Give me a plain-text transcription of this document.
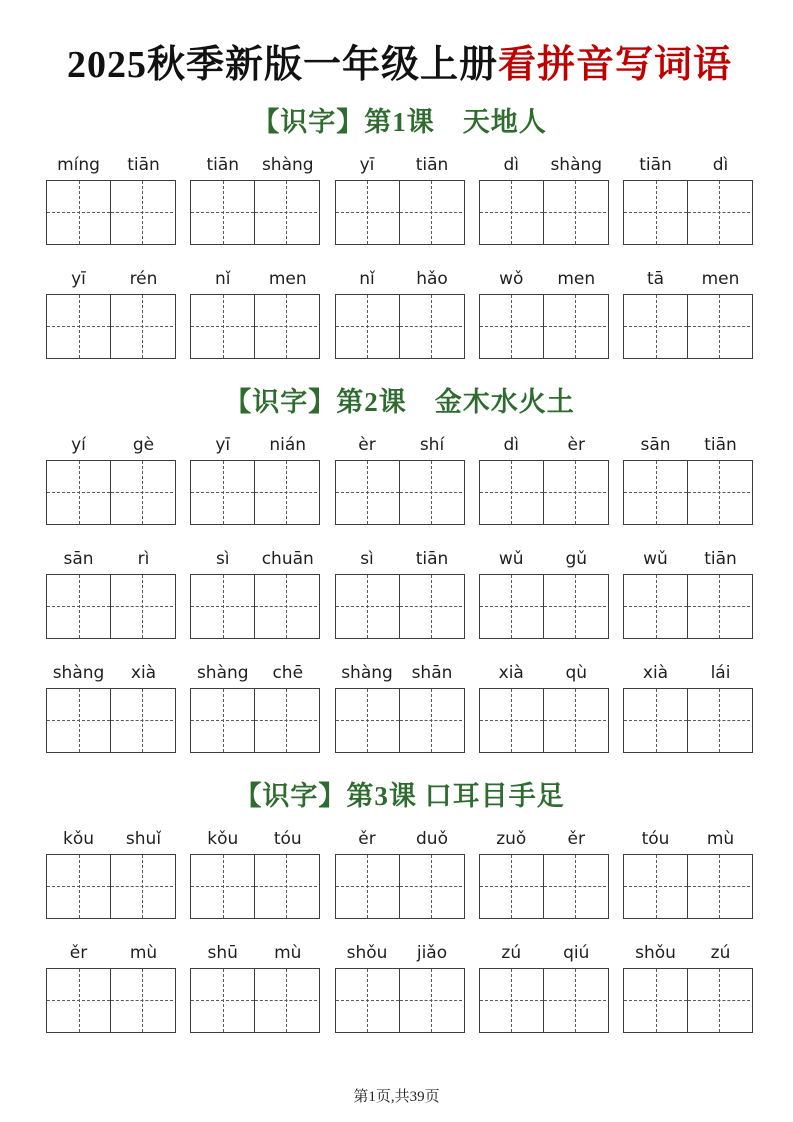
2025秋季新版一年级上册看拼音写词语
【识字】第1课　天地人
míng	tiān	tiān	shàng	yī	tiān	dì	shàng	tiān	dì
yī	rén	nǐ	men	nǐ	hǎo	wǒ	men	tā	men
【识字】第2课　金木水火土
yí	gè	yī	nián	èr	shí	dì	èr	sān	tiān
sān	rì	sì	chuān	sì	tiān	wǔ	gǔ	wǔ	tiān
shàng	xià	shàng	chē	shàng	shān	xià	qù	xià	lái
【识字】第3课 口耳目手足
kǒu	shuǐ	kǒu	tóu	ěr	duǒ	zuǒ	ěr	tóu	mù
ěr	mù	shū	mù	shǒu	jiǎo	zú	qiú	shǒu	zú
第1页,共39页
